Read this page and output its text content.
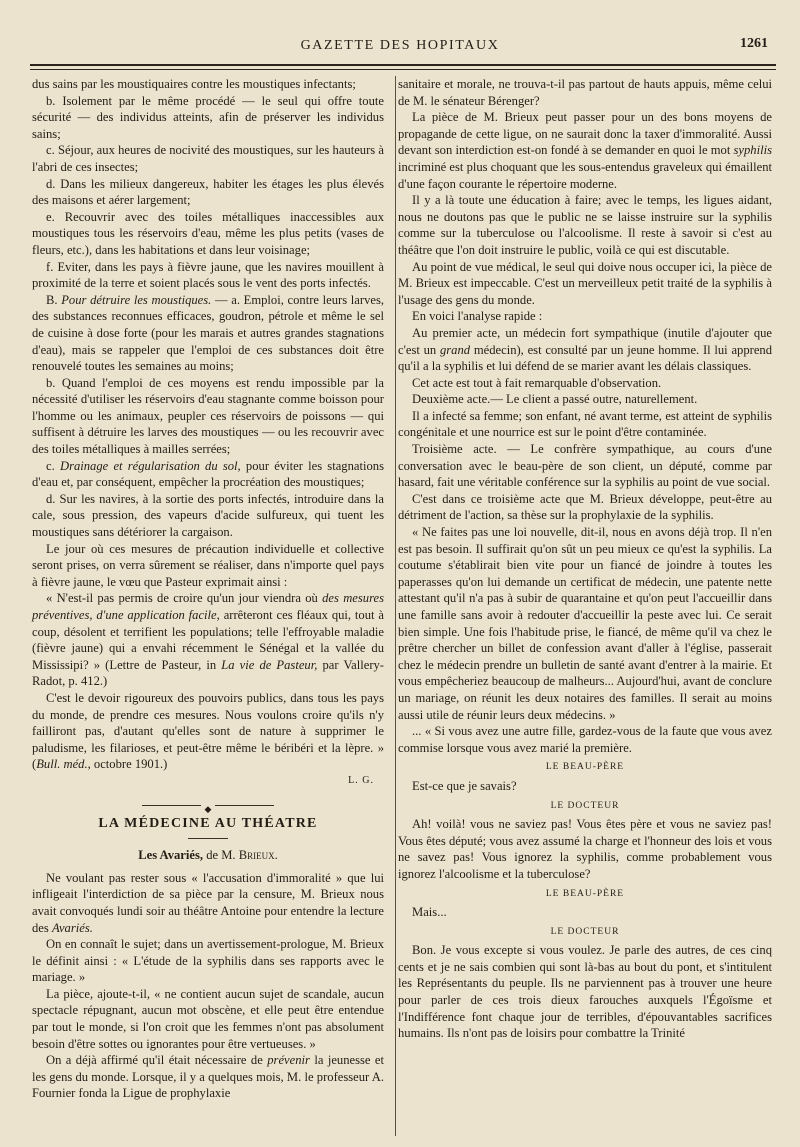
GAZETTE DES HOPITAUX	1261

dus sains par les moustiquaires contre les moustiques infectants;

b. Isolement par le même procédé — le seul qui offre toute sécurité — des individus atteints, afin de préserver les individus sains;

c. Séjour, aux heures de nocivité des moustiques, sur les hauteurs à l'abri de ces insectes;

d. Dans les milieux dangereux, habiter les étages les plus élevés des maisons et aérer largement;

e. Recouvrir avec des toiles métalliques inaccessibles aux moustiques tous les réservoirs d'eau, même les plus petits (vases de fleurs, etc.), dans les habitations et dans leur voisinage;

f. Eviter, dans les pays à fièvre jaune, que les navires mouillent à proximité de la terre et soient placés sous le vent des ports infectés.

B. Pour détruire les moustiques. — a. Emploi, contre leurs larves, des substances reconnues efficaces, goudron, pétrole et même le sel de cuisine à dose forte (pour les marais et autres grandes stagnations d'eau), mais se rappeler que l'emploi de ces substances doit être renouvelé toutes les semaines au moins;

b. Quand l'emploi de ces moyens est rendu impossible par la nécessité d'utiliser les réservoirs d'eau stagnante comme boisson pour l'homme ou les animaux, peupler ces réservoirs de poissons — qui suffisent à détruire les larves des moustiques — ou les recouvrir avec des toiles métalliques à mailles serrées;

c. Drainage et régularisation du sol, pour éviter les stagnations d'eau et, par conséquent, empêcher la procréation des moustiques;

d. Sur les navires, à la sortie des ports infectés, introduire dans la cale, sous pression, des vapeurs d'acide sulfureux, qui tuent les moustiques sans détériorer la cargaison.

Le jour où ces mesures de précaution individuelle et collective seront prises, on verra sûrement se réaliser, dans n'importe quel pays à fièvre jaune, le vœu que Pasteur exprimait ainsi :

« N'est-il pas permis de croire qu'un jour viendra où des mesures préventives, d'une application facile, arrêteront ces fléaux qui, tout à coup, désolent et terrifient les populations; telle l'effroyable maladie (fièvre jaune) qui a envahi récemment le Sénégal et la vallée du Mississipi? » (Lettre de Pasteur, in La vie de Pasteur, par Vallery-Radot, p. 412.)

C'est le devoir rigoureux des pouvoirs publics, dans tous les pays du monde, de prendre ces mesures. Nous voulons croire qu'ils n'y failliront pas, d'autant qu'elles sont de nature à supprimer le paludisme, les filarioses, et peut-être même le béribéri et la lèpre. » (Bull. méd., octobre 1901.)

L. G.
◆
LA MÉDECINE AU THÉATRE
Les Avariés, de M. Brieux.

Ne voulant pas rester sous « l'accusation d'immoralité » que lui infligeait l'interdiction de sa pièce par la censure, M. Brieux nous avait convoqués lundi soir au théâtre Antoine pour entendre la lecture des Avariés.

On en connaît le sujet; dans un avertissement-prologue, M. Brieux le définit ainsi : « L'étude de la syphilis dans ses rapports avec le mariage. »

La pièce, ajoute-t-il, « ne contient aucun sujet de scandale, aucun spectacle répugnant, aucun mot obscène, et elle peut être entendue par tout le monde, si l'on croit que les femmes n'ont pas absolument besoin d'être sottes ou ignorantes pour être vertueuses. »

On a déjà affirmé qu'il était nécessaire de prévenir la jeunesse et les gens du monde. Lorsque, il y a quelques mois, M. le professeur A. Fournier fonda la Ligue de prophylaxie

sanitaire et morale, ne trouva-t-il pas partout de hauts appuis, même celui de M. le sénateur Bérenger?

La pièce de M. Brieux peut passer pour un des bons moyens de propagande de cette ligue, on ne saurait donc la taxer d'immoralité. Aussi devant son interdiction est-on fondé à se demander en quoi le mot syphilis incriminé est plus choquant que les sous-entendus graveleux qui émaillent d'une façon courante le répertoire moderne.

Il y a là toute une éducation à faire; avec le temps, les ligues aidant, nous ne doutons pas que le public ne se laisse instruire sur la syphilis comme sur la tuberculose ou l'alcoolisme. Il reste à savoir si c'est au théâtre que l'on doit instruire le public, voilà ce qui est discutable.

Au point de vue médical, le seul qui doive nous occuper ici, la pièce de M. Brieux est impeccable. C'est un merveilleux petit traité de la syphilis à l'usage des gens du monde.

En voici l'analyse rapide :

Au premier acte, un médecin fort sympathique (inutile d'ajouter que c'est un grand médecin), est consulté par un jeune homme. Il lui apprend qu'il a la syphilis et lui défend de se marier avant les délais classiques.

Cet acte est tout à fait remarquable d'observation.

Deuxième acte.— Le client a passé outre, naturellement.

Il a infecté sa femme; son enfant, né avant terme, est atteint de syphilis congénitale et une nourrice est sur le point d'être contaminée.

Troisième acte. — Le confrère sympathique, au cours d'une conversation avec le beau-père de son client, un député, comme par hasard, fait une véritable conférence sur la syphilis au point de vue social.

C'est dans ce troisième acte que M. Brieux développe, peut-être au détriment de l'action, sa thèse sur la prophylaxie de la syphilis.

« Ne faites pas une loi nouvelle, dit-il, nous en avons déjà trop. Il n'en est pas besoin. Il suffirait qu'on sût un peu mieux ce qu'est la syphilis. La coutume s'établirait bien vite pour un fiancé de joindre à toutes les paperasses qu'on lui demande un certificat de médecin, une patente nette attestant qu'il n'a pas à subir de quarantaine et qu'on peut l'accueillir dans une famille sans avoir à redouter d'accueillir la peste avec lui. Ce serait bien simple. Une fois l'habitude prise, le fiancé, de même qu'il va chez le prêtre chercher un billet de confession avant d'aller à l'église, passerait chez le médecin prendre un bulletin de santé avant d'entrer à la mairie. Et vous empêcheriez beaucoup de malheurs... Aujourd'hui, avant de conclure un mariage, on réunit les deux notaires des familles. Il serait au moins aussi utile de réunir leurs deux médecins. »

... « Si vous avez une autre fille, gardez-vous de la faute que vous avez commise lorsque vous avez marié la première.

LE BEAU-PÈRE

Est-ce que je savais?

LE DOCTEUR

Ah! voilà! vous ne saviez pas! Vous êtes père et vous ne saviez pas! Vous êtes député; vous avez assumé la charge et l'honneur des lois et vous ne savez pas! Vous ignorez la syphilis, comme probablement vous ignorez l'alcoolisme et la tuberculose?

LE BEAU-PÈRE

Mais...

LE DOCTEUR

Bon. Je vous excepte si vous voulez. Je parle des autres, de ces cinq cents et je ne sais combien qui sont là-bas au bout du pont, et s'intitulent les Représentants du peuple. Ils ne parviennent pas à trouver une heure pour parler de ces trois dieux farouches auxquels l'Égoïsme et l'Indifférence font chaque jour de terribles, d'épouvantables sacrifices humains. Ils n'ont pas de loisirs pour combattre la Trinité
